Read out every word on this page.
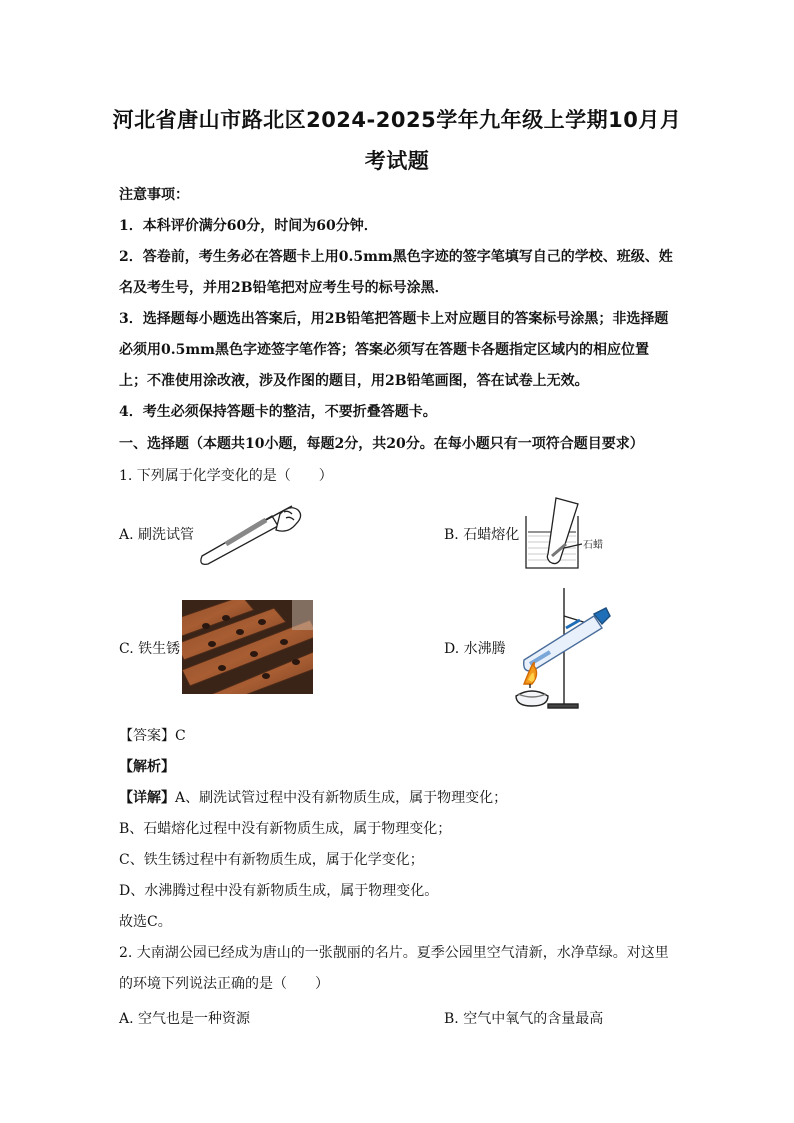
河北省唐山市路北区2024-2025学年九年级上学期10月月
考试题
注意事项：
1．本科评价满分60分，时间为60分钟．
2．答卷前，考生务必在答题卡上用0.5mm黑色字迹的签字笔填写自己的学校、班级、姓
名及考生号，并用2B铅笔把对应考生号的标号涂黑．
3．选择题每小题选出答案后，用2B铅笔把答题卡上对应题目的答案标号涂黑；非选择题
必须用0.5mm黑色字迹签字笔作答；答案必须写在答题卡各题指定区域内的相应位置
上；不准使用涂改液，涉及作图的题目，用2B铅笔画图，答在试卷上无效。
4．考生必须保持答题卡的整洁，不要折叠答题卡。
一、选择题（本题共10小题，每题2分，共20分。在每小题只有一项符合题目要求）
1. 下列属于化学变化的是（　　）
A. 刷洗试管	B. 石蜡熔化
石蜡
C. 铁生锈	D. 水沸腾
【答案】C
【解析】
【详解】A、刷洗试管过程中没有新物质生成，属于物理变化；
B、石蜡熔化过程中没有新物质生成，属于物理变化；
C、铁生锈过程中有新物质生成，属于化学变化；
D、水沸腾过程中没有新物质生成，属于物理变化。
故选C。
2. 大南湖公园已经成为唐山的一张靓丽的名片。夏季公园里空气清新，水净草绿。对这里
的环境下列说法正确的是（　　）
A. 空气也是一种资源	B. 空气中氧气的含量最高
